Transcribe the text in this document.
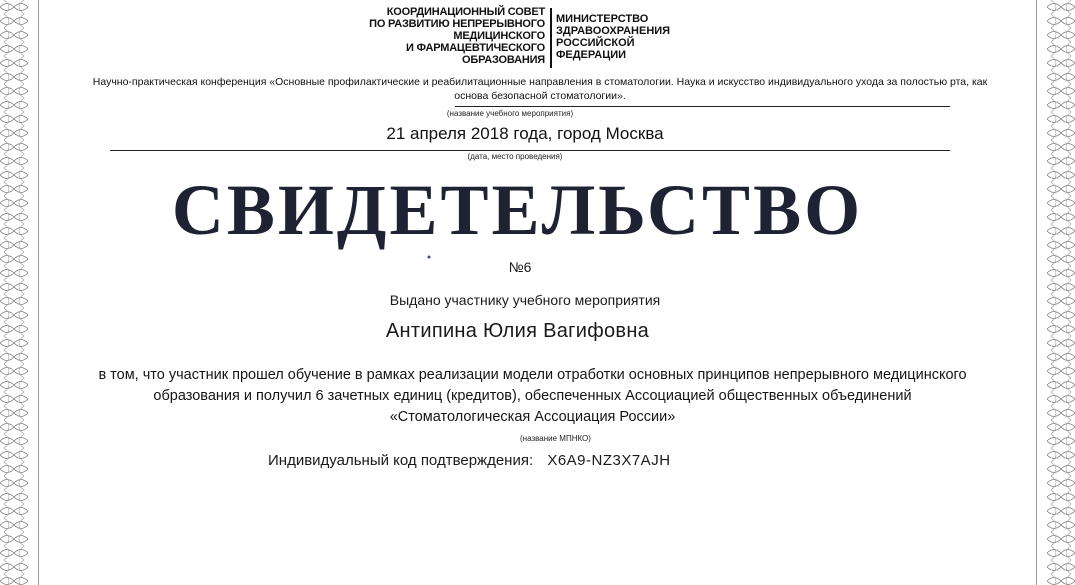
КООРДИНАЦИОННЫЙ СОВЕТ
ПО РАЗВИТИЮ НЕПРЕРЫВНОГО
МЕДИЦИНСКОГО
И ФАРМАЦЕВТИЧЕСКОГО
ОБРАЗОВАНИЯ
МИНИСТЕРСТВО
ЗДРАВООХРАНЕНИЯ
РОССИЙСКОЙ
ФЕДЕРАЦИИ
Научно-практическая конференция «Основные профилактические и реабилитационные направления в стоматологии. Наука и искусство индивидуального ухода за полостью рта, как основа безопасной стоматологии».
(название учебного мероприятия)
21 апреля 2018 года, город Москва
(дата, место проведения)
СВИДЕТЕЛЬСТВО
№6
Выдано участнику учебного мероприятия
Антипина Юлия Вагифовна
в том, что участник прошел обучение в рамках реализации модели отработки основных принципов непрерывного медицинского образования и получил 6 зачетных единиц (кредитов), обеспеченных Ассоциацией общественных объединений «Стоматологическая Ассоциация России»
(название МПНКО)
Индивидуальный код подтверждения: X6A9-NZ3X7AJH
